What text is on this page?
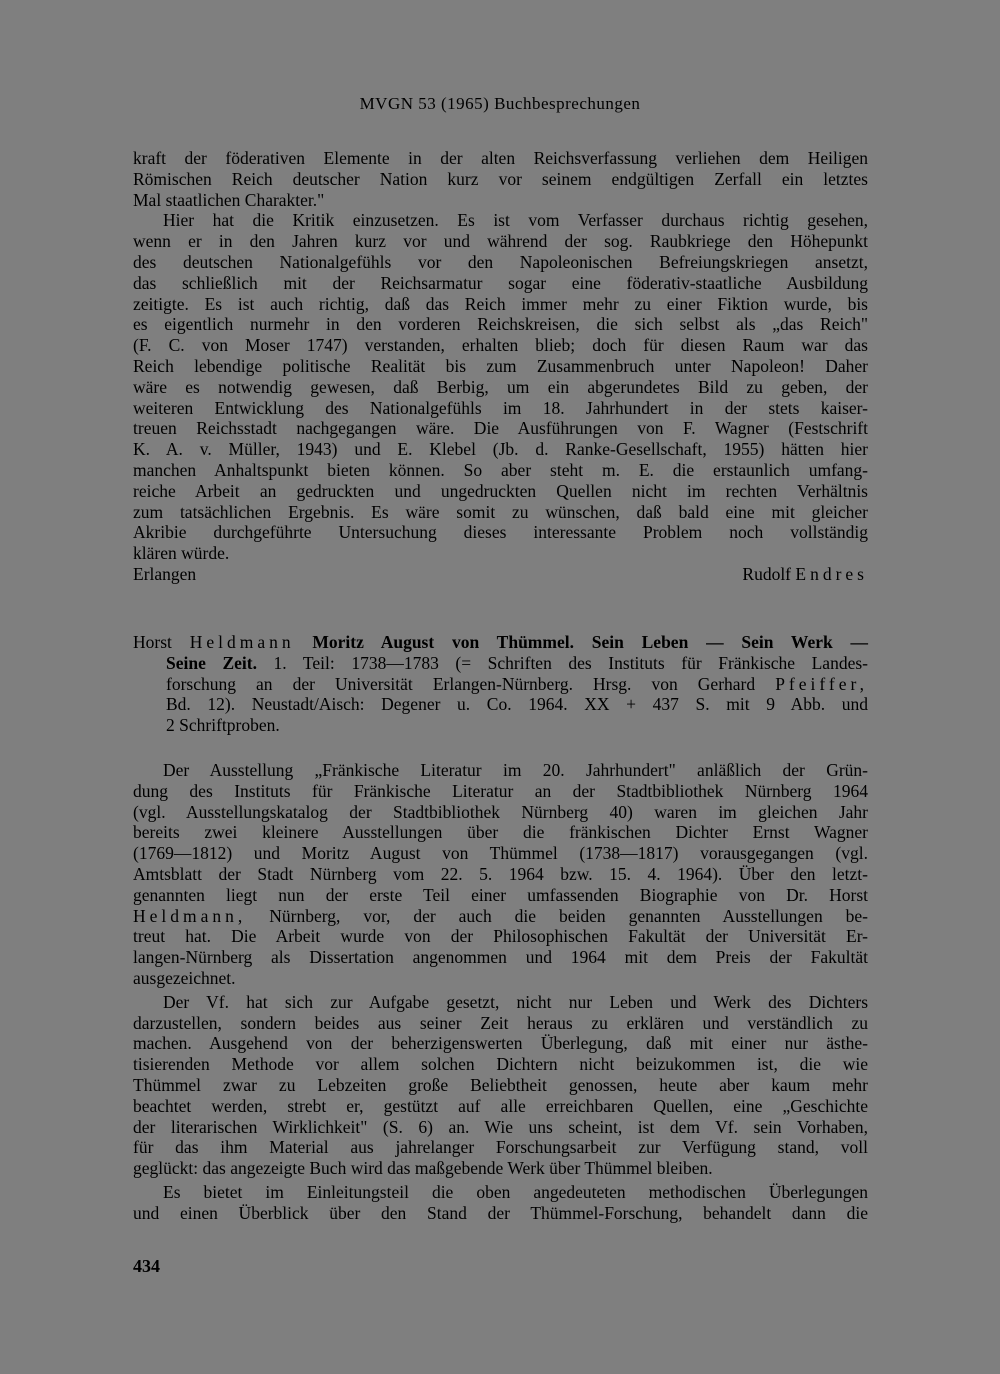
MVGN 53 (1965) Buchbesprechungen
kraft der föderativen Elemente in der alten Reichsverfassung verliehen dem Heiligen
Römischen Reich deutscher Nation kurz vor seinem endgültigen Zerfall ein letztes
Mal staatlichen Charakter."
Hier hat die Kritik einzusetzen. Es ist vom Verfasser durchaus richtig gesehen,
wenn er in den Jahren kurz vor und während der sog. Raubkriege den Höhepunkt
des deutschen Nationalgefühls vor den Napoleonischen Befreiungskriegen ansetzt,
das schließlich mit der Reichsarmatur sogar eine föderativ-staatliche Ausbildung
zeitigte. Es ist auch richtig, daß das Reich immer mehr zu einer Fiktion wurde, bis
es eigentlich nurmehr in den vorderen Reichskreisen, die sich selbst als „das Reich"
(F. C. von Moser 1747) verstanden, erhalten blieb; doch für diesen Raum war das
Reich lebendige politische Realität bis zum Zusammenbruch unter Napoleon! Daher
wäre es notwendig gewesen, daß Berbig, um ein abgerundetes Bild zu geben, der
weiteren Entwicklung des Nationalgefühls im 18. Jahrhundert in der stets kaiser-
treuen Reichsstadt nachgegangen wäre. Die Ausführungen von F. Wagner (Festschrift
K. A. v. Müller, 1943) und E. Klebel (Jb. d. Ranke-Gesellschaft, 1955) hätten hier
manchen Anhaltspunkt bieten können. So aber steht m. E. die erstaunlich umfang-
reiche Arbeit an gedruckten und ungedruckten Quellen nicht im rechten Verhältnis
zum tatsächlichen Ergebnis. Es wäre somit zu wünschen, daß bald eine mit gleicher
Akribie durchgeführte Untersuchung dieses interessante Problem noch vollständig
klären würde.
Erlangen	Rudolf Endres
Horst Heldmann Moritz August von Thümmel. Sein Leben — Sein Werk —
Seine Zeit. 1. Teil: 1738—1783 (= Schriften des Instituts für Fränkische Landes-
forschung an der Universität Erlangen-Nürnberg. Hrsg. von Gerhard Pfeiffer,
Bd. 12). Neustadt/Aisch: Degener u. Co. 1964. XX + 437 S. mit 9 Abb. und
2 Schriftproben.
Der Ausstellung „Fränkische Literatur im 20. Jahrhundert" anläßlich der Grün-
dung des Instituts für Fränkische Literatur an der Stadtbibliothek Nürnberg 1964
(vgl. Ausstellungskatalog der Stadtbibliothek Nürnberg 40) waren im gleichen Jahr
bereits zwei kleinere Ausstellungen über die fränkischen Dichter Ernst Wagner
(1769—1812) und Moritz August von Thümmel (1738—1817) vorausgegangen (vgl.
Amtsblatt der Stadt Nürnberg vom 22. 5. 1964 bzw. 15. 4. 1964). Über den letzt-
genannten liegt nun der erste Teil einer umfassenden Biographie von Dr. Horst
Heldmann, Nürnberg, vor, der auch die beiden genannten Ausstellungen be-
treut hat. Die Arbeit wurde von der Philosophischen Fakultät der Universität Er-
langen-Nürnberg als Dissertation angenommen und 1964 mit dem Preis der Fakultät
ausgezeichnet.
Der Vf. hat sich zur Aufgabe gesetzt, nicht nur Leben und Werk des Dichters
darzustellen, sondern beides aus seiner Zeit heraus zu erklären und verständlich zu
machen. Ausgehend von der beherzigenswerten Überlegung, daß mit einer nur ästhe-
tisierenden Methode vor allem solchen Dichtern nicht beizukommen ist, die wie
Thümmel zwar zu Lebzeiten große Beliebtheit genossen, heute aber kaum mehr
beachtet werden, strebt er, gestützt auf alle erreichbaren Quellen, eine „Geschichte
der literarischen Wirklichkeit" (S. 6) an. Wie uns scheint, ist dem Vf. sein Vorhaben,
für das ihm Material aus jahrelanger Forschungsarbeit zur Verfügung stand, voll
geglückt: das angezeigte Buch wird das maßgebende Werk über Thümmel bleiben.
Es bietet im Einleitungsteil die oben angedeuteten methodischen Überlegungen
und einen Überblick über den Stand der Thümmel-Forschung, behandelt dann die
434
